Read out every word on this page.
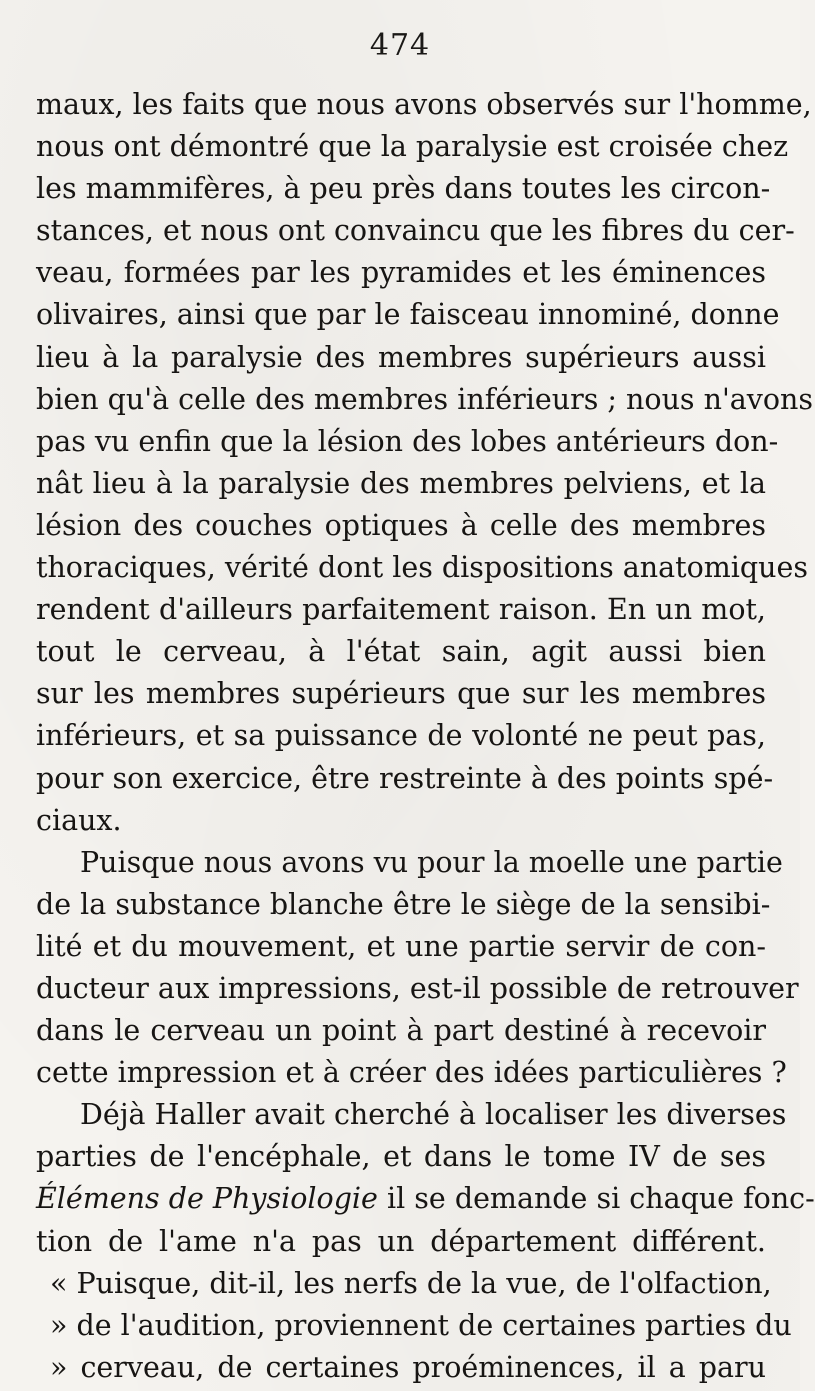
474
maux, les faits que nous avons observés sur l'homme,
nous ont démontré que la paralysie est croisée chez
les mammifères, à peu près dans toutes les circon-
stances, et nous ont convaincu que les fibres du cer-
veau, formées par les pyramides et les éminences
olivaires, ainsi que par le faisceau innominé, donne
lieu à la paralysie des membres supérieurs aussi
bien qu'à celle des membres inférieurs ; nous n'avons
pas vu enfin que la lésion des lobes antérieurs don-
nât lieu à la paralysie des membres pelviens, et la
lésion des couches optiques à celle des membres
thoraciques, vérité dont les dispositions anatomiques
rendent d'ailleurs parfaitement raison. En un mot,
tout le cerveau, à l'état sain, agit aussi bien
sur les membres supérieurs que sur les membres
inférieurs, et sa puissance de volonté ne peut pas,
pour son exercice, être restreinte à des points spé-
ciaux.
Puisque nous avons vu pour la moelle une partie
de la substance blanche être le siège de la sensibi-
lité et du mouvement, et une partie servir de con-
ducteur aux impressions, est-il possible de retrouver
dans le cerveau un point à part destiné à recevoir
cette impression et à créer des idées particulières ?
Déjà Haller avait cherché à localiser les diverses
parties de l'encéphale, et dans le tome IV de ses
Élémens de Physiologie il se demande si chaque fonc-
tion de l'ame n'a pas un département différent.
« Puisque, dit-il, les nerfs de la vue, de l'olfaction,
» de l'audition, proviennent de certaines parties du
» cerveau, de certaines proéminences, il a paru
